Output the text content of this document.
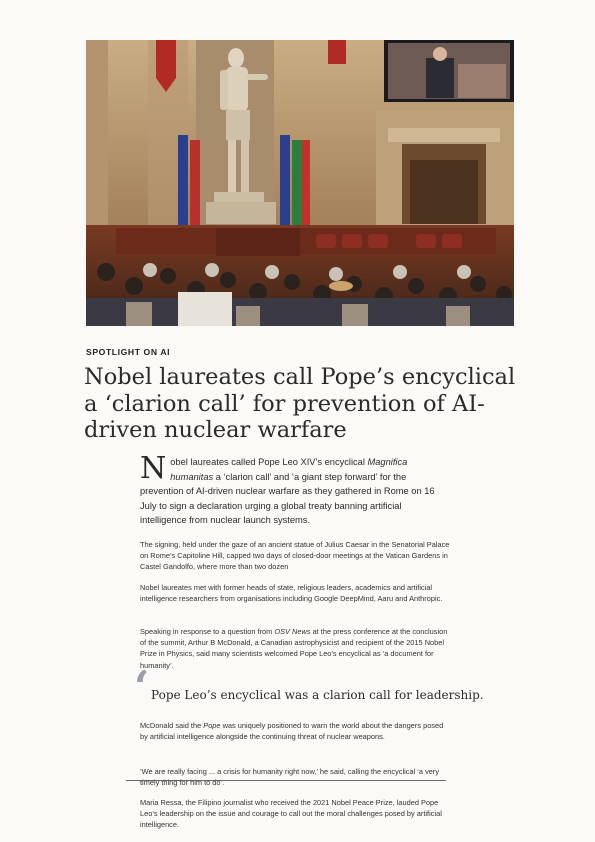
SPOTLIGHT ON AI
Nobel laureates call Pope’s encyclical a ‘clarion call’ for prevention of AI-driven nuclear warfare

Nobel laureates called Pope Leo XIV’s encyclical Magnifica humanitas a ‘clarion call’ and ‘a giant step forward’ for the prevention of AI-driven nuclear warfare as they gathered in Rome on 16 July to sign a declaration urging a global treaty banning artificial intelligence from nuclear launch systems.

The signing, held under the gaze of an ancient statue of Julius Caesar in the Senatorial Palace on Rome’s Capitoline Hill, capped two days of closed-door meetings at the Vatican Gardens in Castel Gandolfo, where more than two dozen

Nobel laureates met with former heads of state, religious leaders, academics and artificial intelligence researchers from organisations including Google DeepMind, Aaru and Anthropic.

Speaking in response to a question from OSV News at the press conference at the conclusion of the summit, Arthur B McDonald, a Canadian astrophysicist and recipient of the 2015 Nobel Prize in Physics, said many scientists welcomed Pope Leo’s encyclical as ‘a document for humanity’.

‘ Pope Leo’s encyclical was a clarion call for leadership.

McDonald said the Pope was uniquely positioned to warn the world about the dangers posed by artificial intelligence alongside the continuing threat of nuclear weapons.

‘We are really facing ... a crisis for humanity right now,’ he said, calling the encyclical ‘a very timely thing for him to do’.

Maria Ressa, the Filipino journalist who received the 2021 Nobel Peace Prize, lauded Pope Leo’s leadership on the issue and courage to call out the moral challenges posed by artificial intelligence.
